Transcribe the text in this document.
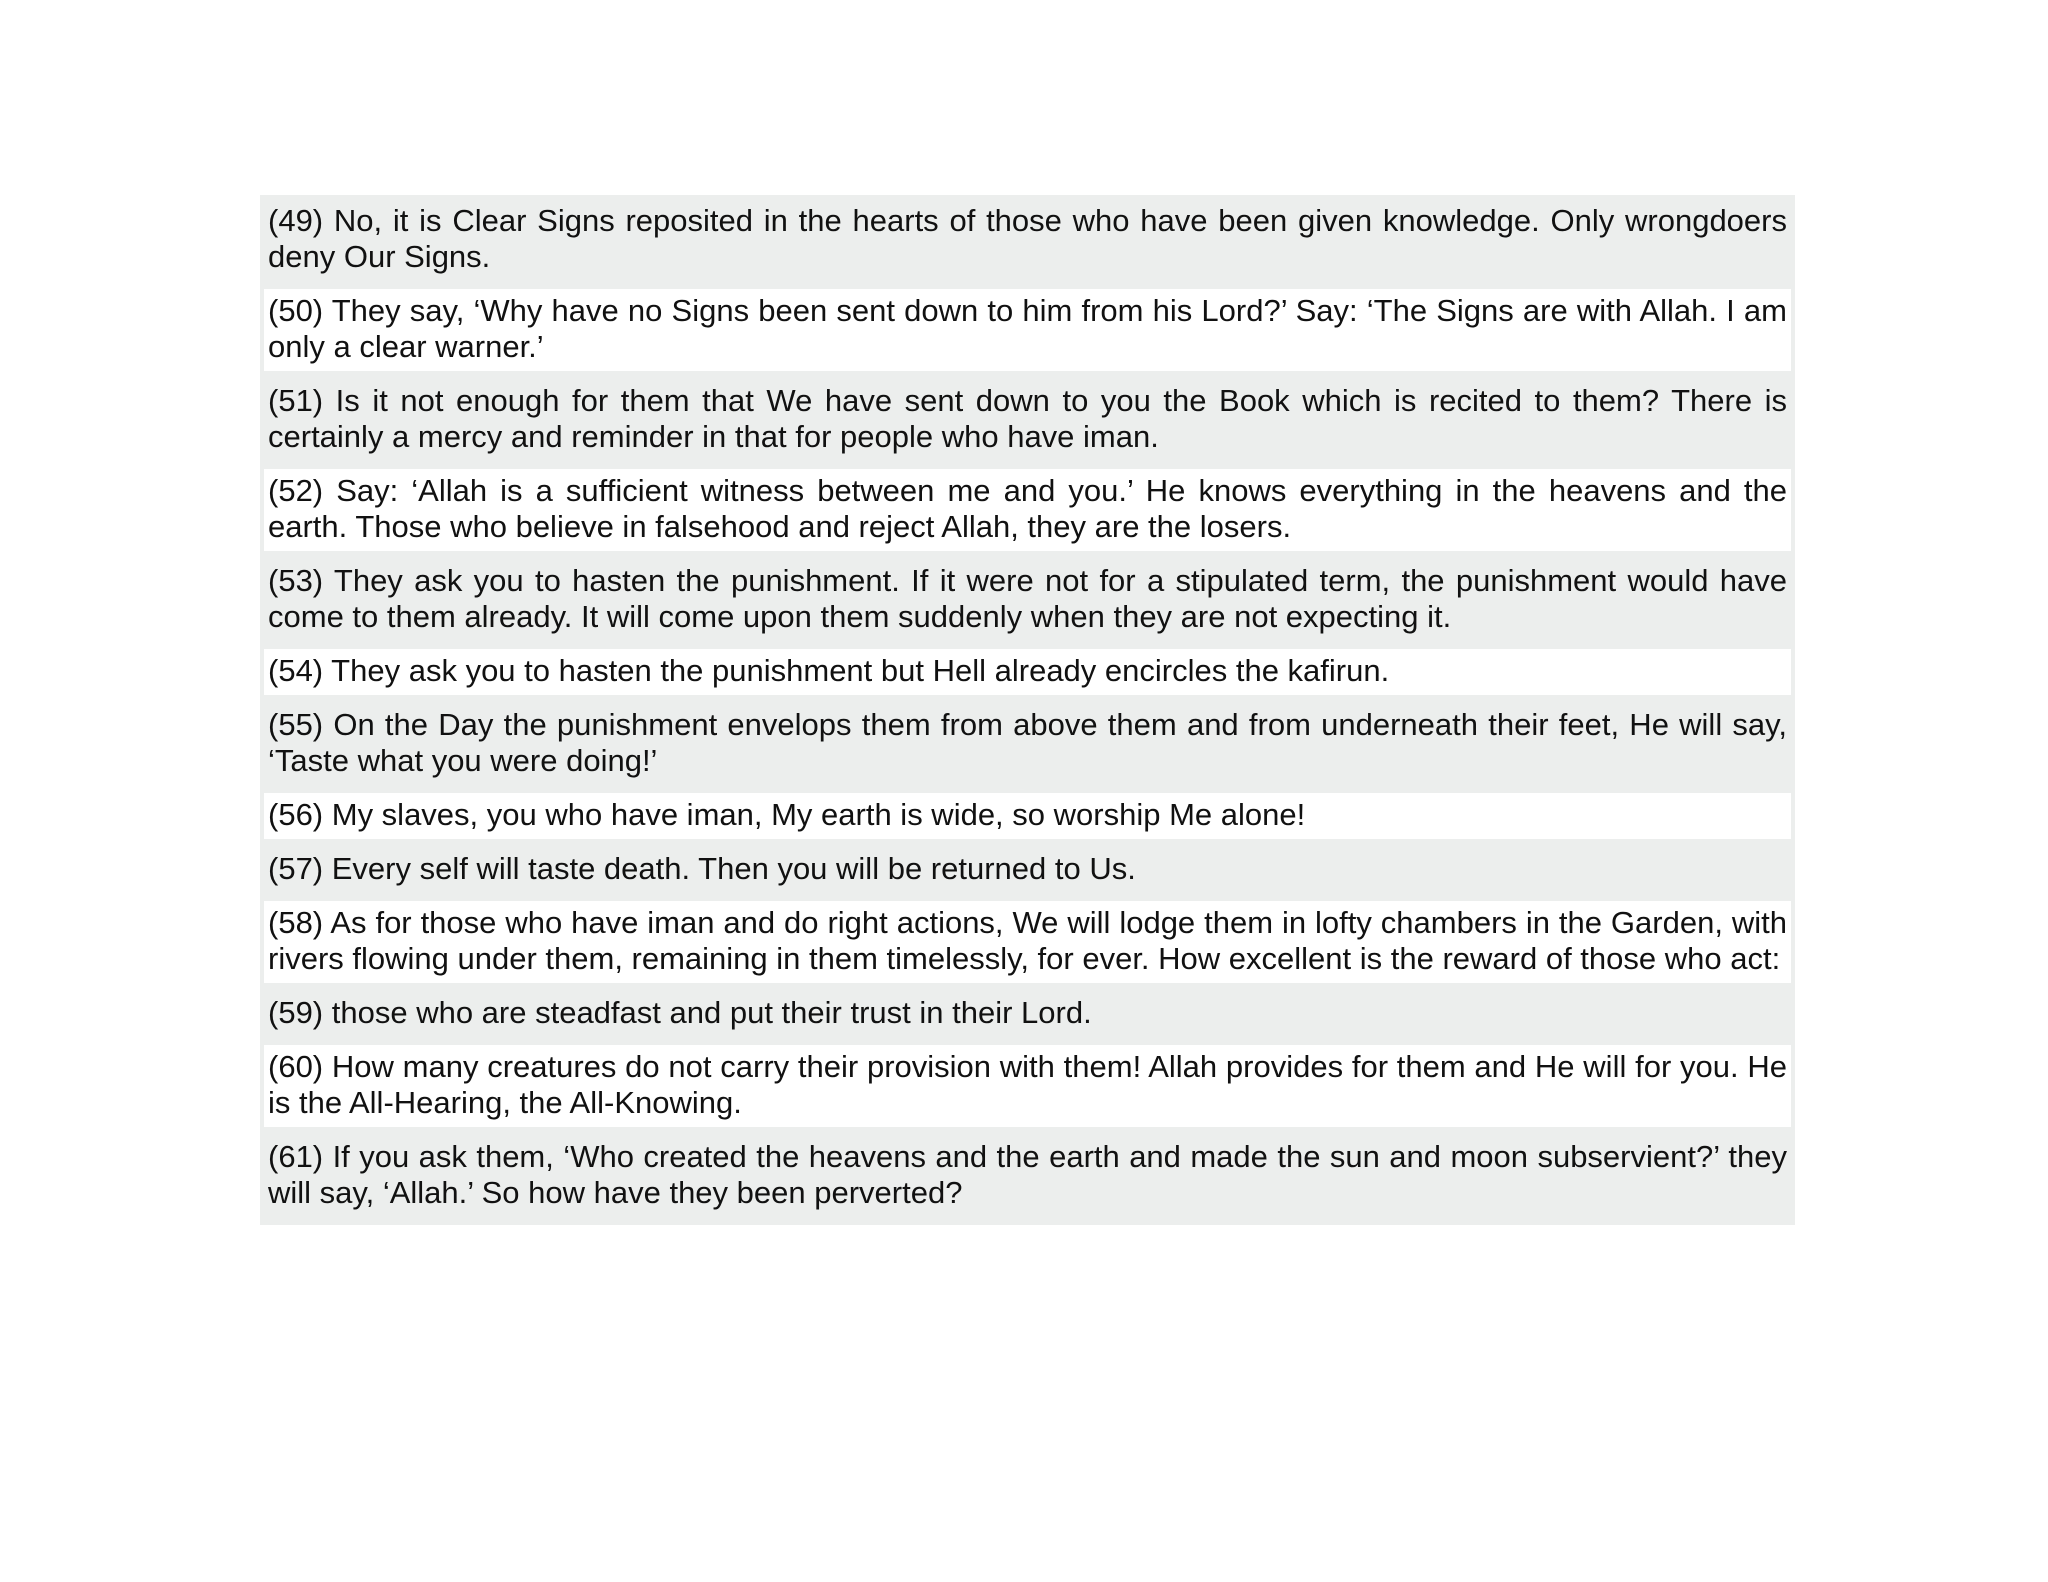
(49) No, it is Clear Signs reposited in the hearts of those who have been given knowledge. Only wrongdoers deny Our Signs.
(50) They say, ‘Why have no Signs been sent down to him from his Lord?’ Say: ‘The Signs are with Allah. I am only a clear warner.’
(51) Is it not enough for them that We have sent down to you the Book which is recited to them? There is certainly a mercy and reminder in that for people who have iman.
(52) Say: ‘Allah is a sufficient witness between me and you.’ He knows everything in the heavens and the earth. Those who believe in falsehood and reject Allah, they are the losers.
(53) They ask you to hasten the punishment. If it were not for a stipulated term, the punishment would have come to them already. It will come upon them suddenly when they are not expecting it.
(54) They ask you to hasten the punishment but Hell already encircles the kafirun.
(55) On the Day the punishment envelops them from above them and from underneath their feet, He will say, ‘Taste what you were doing!’
(56) My slaves, you who have iman, My earth is wide, so worship Me alone!
(57) Every self will taste death. Then you will be returned to Us.
(58) As for those who have iman and do right actions, We will lodge them in lofty chambers in the Garden, with rivers flowing under them, remaining in them timelessly, for ever. How excellent is the reward of those who act:
(59) those who are steadfast and put their trust in their Lord.
(60) How many creatures do not carry their provision with them! Allah provides for them and He will for you. He is the All-Hearing, the All-Knowing.
(61) If you ask them, ‘Who created the heavens and the earth and made the sun and moon subservient?’ they will say, ‘Allah.’ So how have they been perverted?
